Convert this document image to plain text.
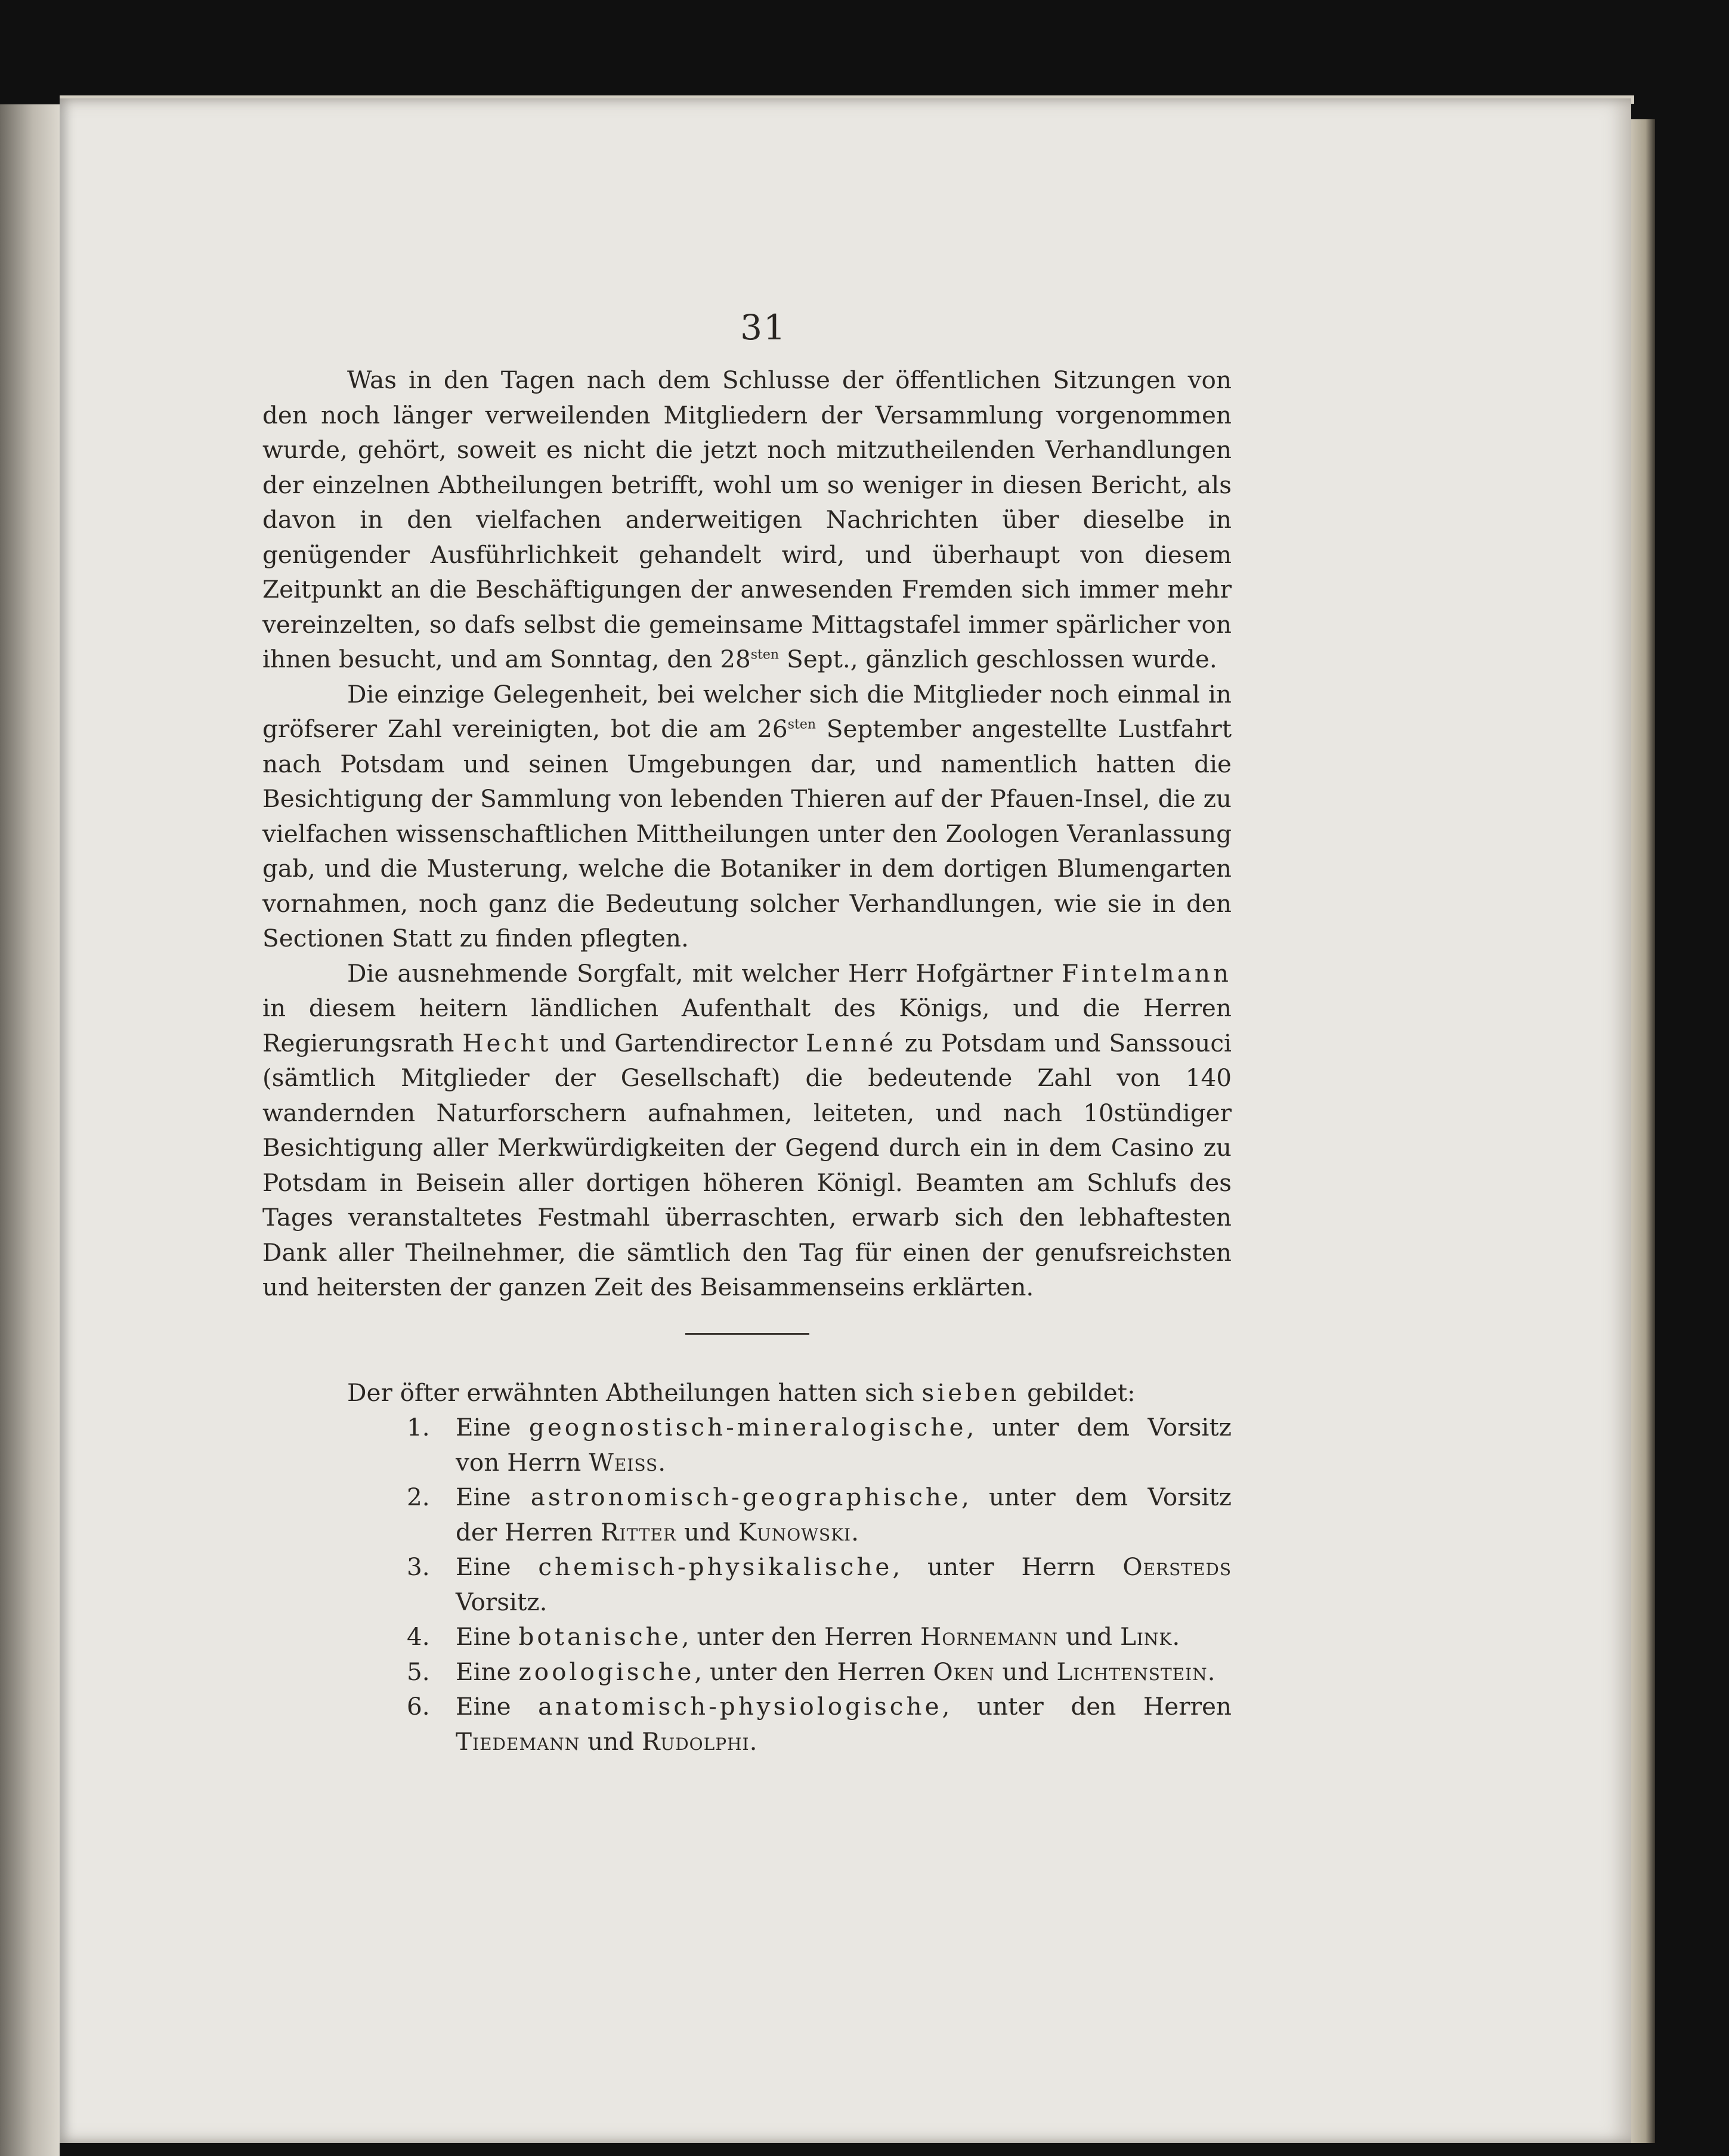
31

Was in den Tagen nach dem Schlusse der öffentlichen Sitzungen von den noch länger verweilenden Mitgliedern der Versammlung vorgenommen wurde, gehört, soweit es nicht die jetzt noch mitzutheilenden Verhandlungen der einzelnen Abtheilungen betrifft, wohl um so weniger in diesen Bericht, als davon in den vielfachen anderweitigen Nachrichten über dieselbe in genügender Ausführlichkeit gehandelt wird, und überhaupt von diesem Zeitpunkt an die Beschäftigungen der anwesenden Fremden sich immer mehr vereinzelten, so dafs selbst die gemeinsame Mittagstafel immer spärlicher von ihnen besucht, und am Sonntag, den $28^{sten}$ Sept., gänzlich geschlossen wurde.

Die einzige Gelegenheit, bei welcher sich die Mitglieder noch einmal in gröfserer Zahl vereinigten, bot die am $26^{sten}$ September angestellte Lustfahrt nach Potsdam und seinen Umgebungen dar, und namentlich hatten die Besichtigung der Sammlung von lebenden Thieren auf der Pfauen-Insel, die zu vielfachen wissenschaftlichen Mittheilungen unter den Zoologen Veranlassung gab, und die Musterung, welche die Botaniker in dem dortigen Blumengarten vornahmen, noch ganz die Bedeutung solcher Verhandlungen, wie sie in den Sectionen Statt zu finden pflegten.

Die ausnehmende Sorgfalt, mit welcher Herr Hofgärtner Fintelmann in diesem heitern ländlichen Aufenthalt des Königs, und die Herren Regierungsrath Hecht und Gartendirector Lenné zu Potsdam und Sanssouci (sämtlich Mitglieder der Gesellschaft) die bedeutende Zahl von 140 wandernden Naturforschern aufnahmen, leiteten, und nach 10stündiger Besichtigung aller Merkwürdigkeiten der Gegend durch ein in dem Casino zu Potsdam in Beisein aller dortigen höheren Königl. Beamten am Schlufs des Tages veranstaltetes Festmahl überraschten, erwarb sich den lebhaftesten Dank aller Theilnehmer, die sämtlich den Tag für einen der genufsreichsten und heitersten der ganzen Zeit des Beisammenseins erklärten.

Der öfter erwähnten Abtheilungen hatten sich sieben gebildet:

1.	Eine geognostisch-mineralogische, unter dem Vorsitz von Herrn Weiss.
2.	Eine astronomisch-geographische, unter dem Vorsitz der Herren Ritter und Kunowski.
3.	Eine chemisch-physikalische, unter Herrn Oersteds Vorsitz.
4.	Eine botanische, unter den Herren Hornemann und Link.
5.	Eine zoologische, unter den Herren Oken und Lichtenstein.
6.	Eine anatomisch-physiologische, unter den Herren Tiedemann und Rudolphi.
